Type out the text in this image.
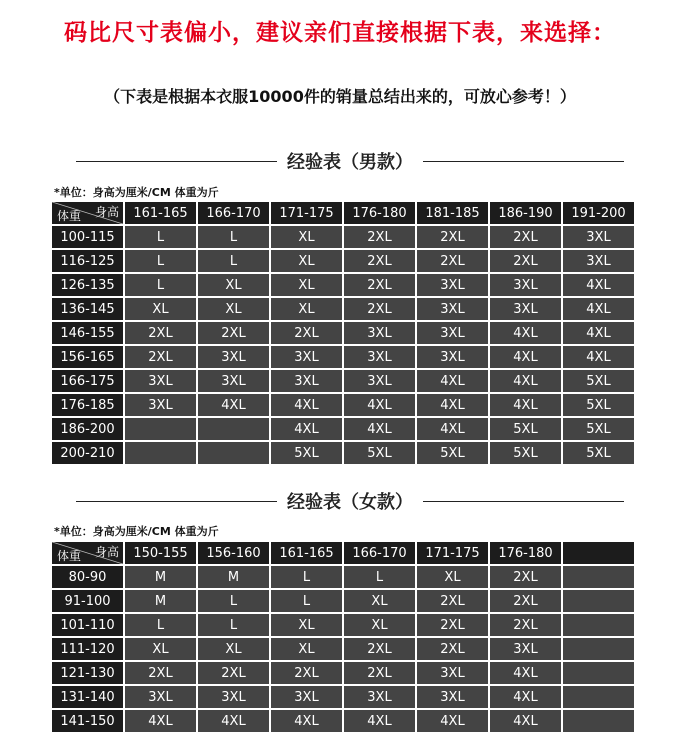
码比尺寸表偏小，建议亲们直接根据下表，来选择：
（下表是根据本衣服10000件的销量总结出来的，可放心参考！）
经验表（男款）
*单位：身高为厘米/CM 体重为斤
身高
体重	161-165	166-170	171-175	176-180	181-185	186-190	191-200
100-115	L	L	XL	2XL	2XL	2XL	3XL
116-125	L	L	XL	2XL	2XL	2XL	3XL
126-135	L	XL	XL	2XL	3XL	3XL	4XL
136-145	XL	XL	XL	2XL	3XL	3XL	4XL
146-155	2XL	2XL	2XL	3XL	3XL	4XL	4XL
156-165	2XL	3XL	3XL	3XL	3XL	4XL	4XL
166-175	3XL	3XL	3XL	3XL	4XL	4XL	5XL
176-185	3XL	4XL	4XL	4XL	4XL	4XL	5XL
186-200			4XL	4XL	4XL	5XL	5XL
200-210			5XL	5XL	5XL	5XL	5XL
经验表（女款）
*单位：身高为厘米/CM 体重为斤
身高
体重	150-155	156-160	161-165	166-170	171-175	176-180	
80-90	M	M	L	L	XL	2XL	
91-100	M	L	L	XL	2XL	2XL	
101-110	L	L	XL	XL	2XL	2XL	
111-120	XL	XL	XL	2XL	2XL	3XL	
121-130	2XL	2XL	2XL	2XL	3XL	4XL	
131-140	3XL	3XL	3XL	3XL	3XL	4XL	
141-150	4XL	4XL	4XL	4XL	4XL	4XL	
